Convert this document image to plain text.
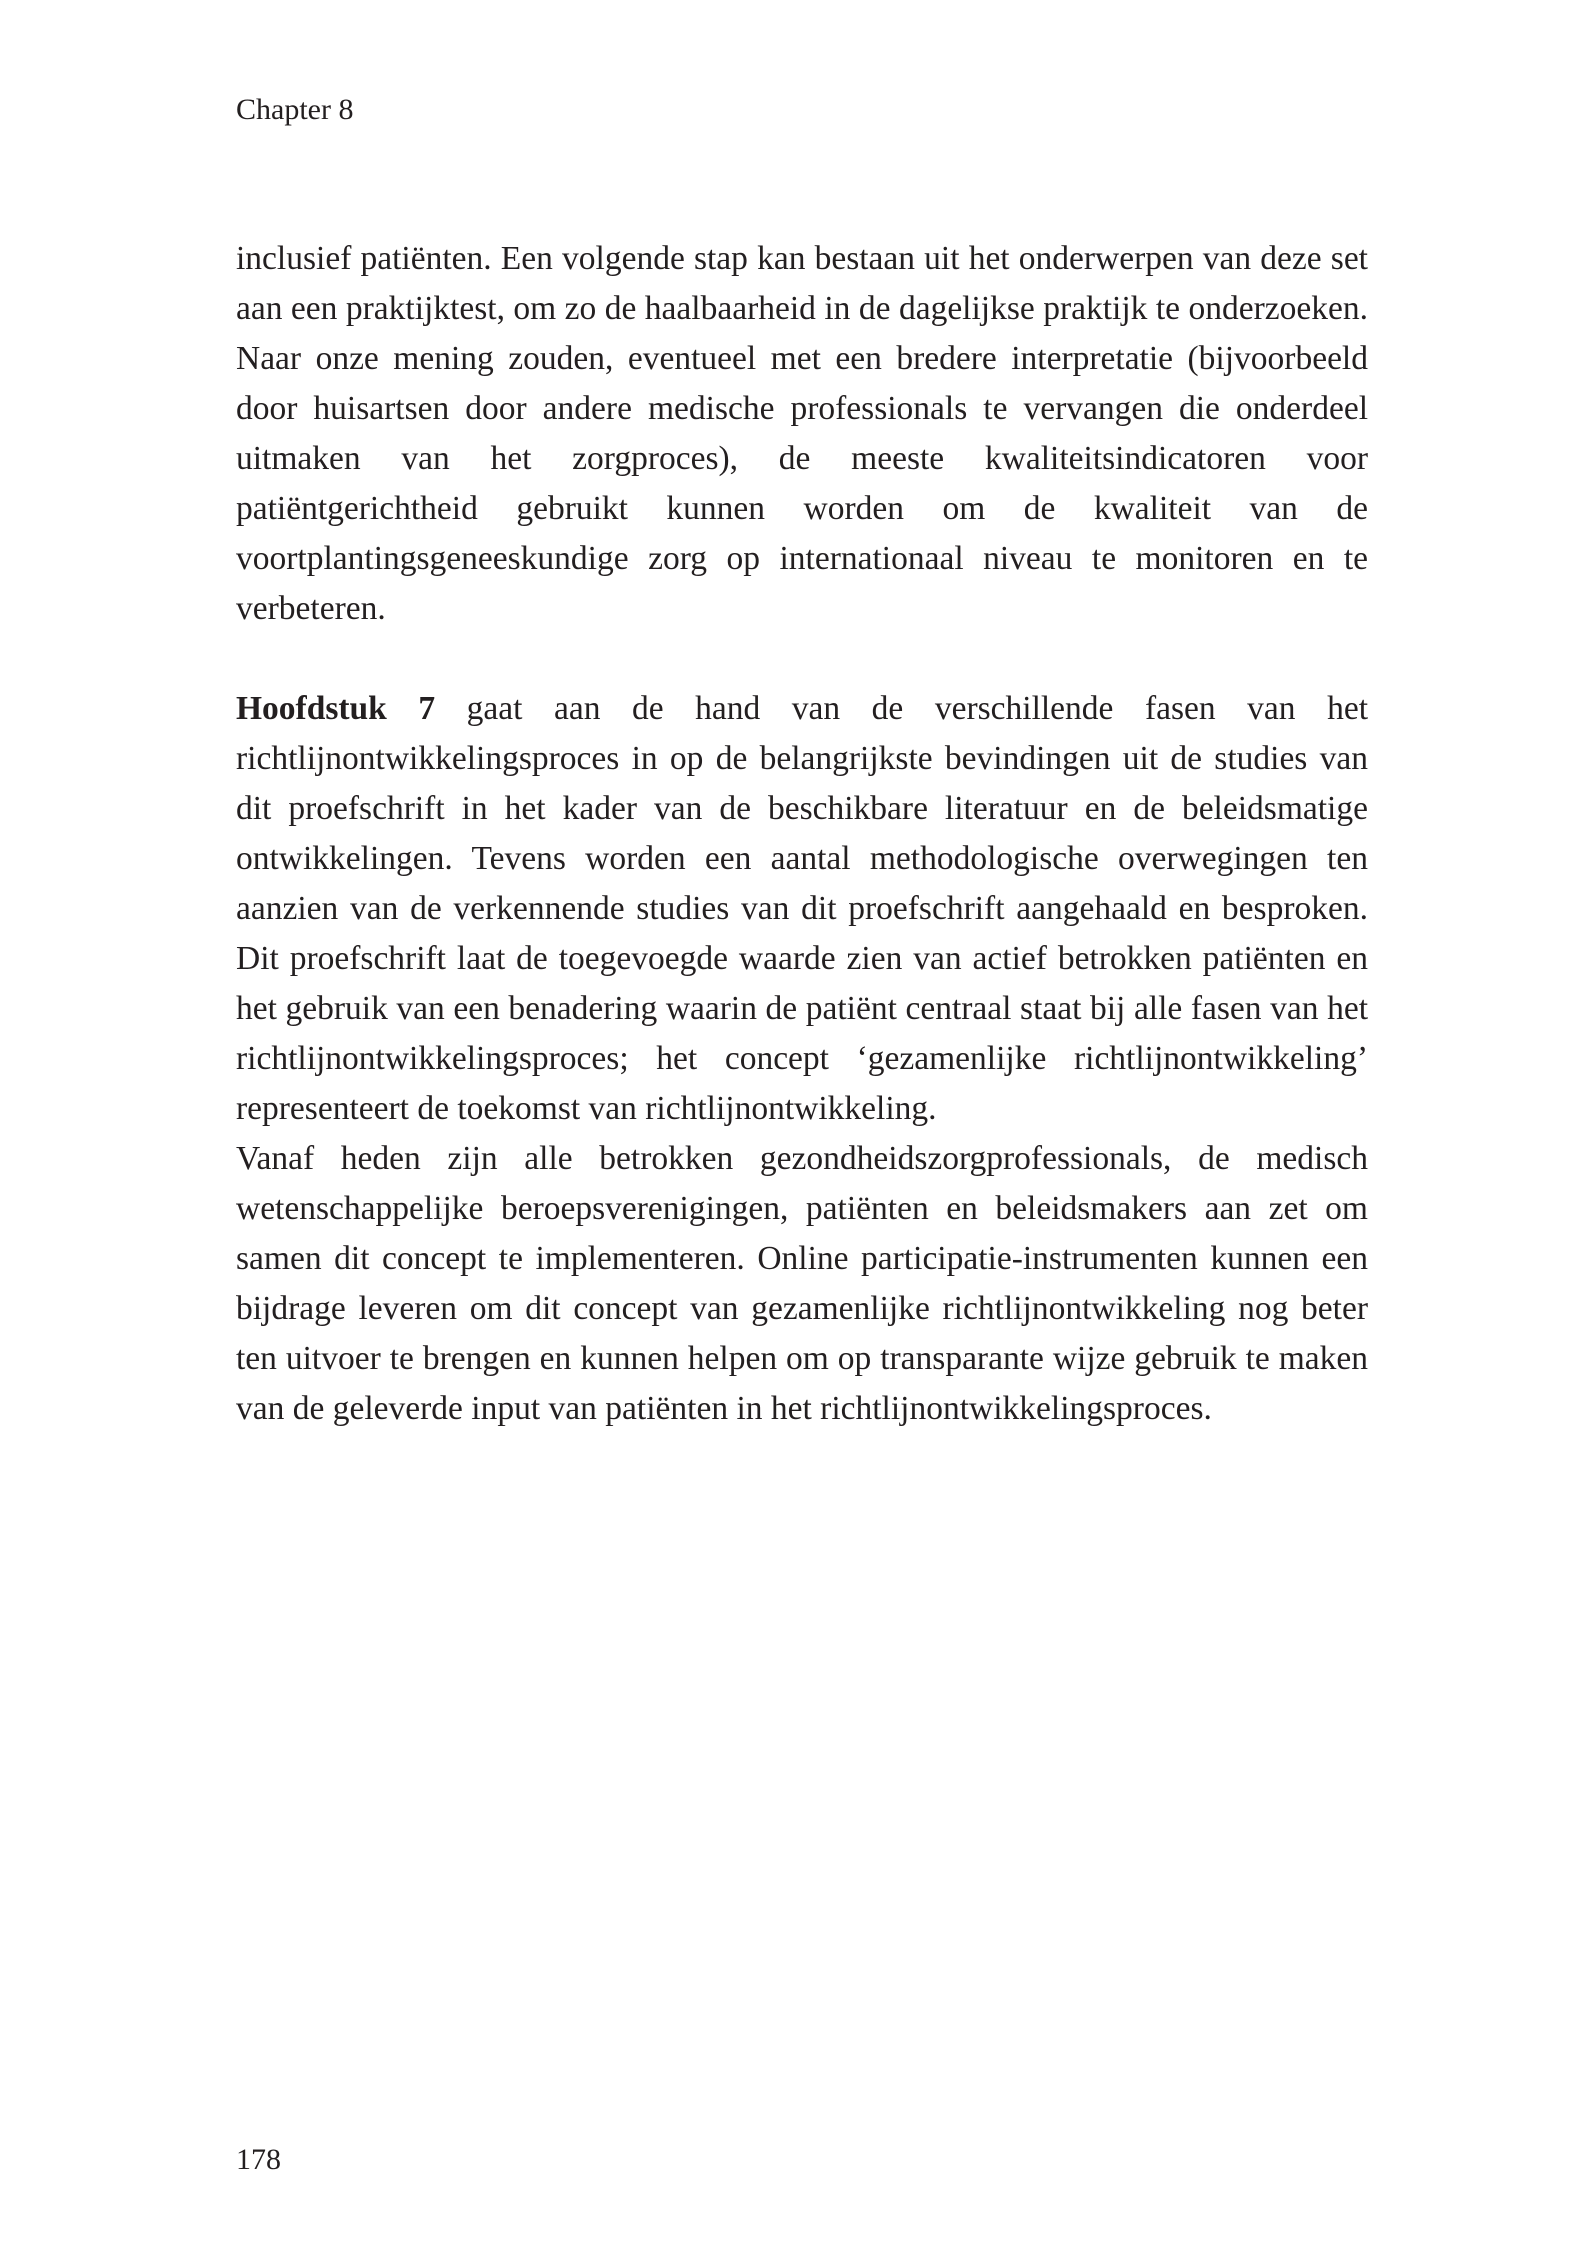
Chapter 8

inclusief patiënten. Een volgende stap kan bestaan uit het onderwerpen van deze set aan een praktijktest, om zo de haalbaarheid in de dagelijkse praktijk te onderzoeken. Naar onze mening zouden, eventueel met een bredere interpretatie (bijvoorbeeld door huisartsen door andere medische professionals te vervangen die onderdeel uitmaken van het zorgproces), de meeste kwaliteitsindicatoren voor patiëntgerichtheid gebruikt kunnen worden om de kwaliteit van de voortplantingsgeneeskundige zorg op internationaal niveau te monitoren en te verbeteren.

Hoofdstuk 7 gaat aan de hand van de verschillende fasen van het richtlijnontwikkelingsproces in op de belangrijkste bevindingen uit de studies van dit proefschrift in het kader van de beschikbare literatuur en de beleidsmatige ontwikkelingen. Tevens worden een aantal methodologische overwegingen ten aanzien van de verkennende studies van dit proefschrift aangehaald en besproken. Dit proefschrift laat de toegevoegde waarde zien van actief betrokken patiënten en het gebruik van een benadering waarin de patiënt centraal staat bij alle fasen van het richtlijnontwikkelingsproces; het concept ‘gezamenlijke richtlijnontwikkeling’ representeert de toekomst van richtlijnontwikkeling.

Vanaf heden zijn alle betrokken gezondheidszorgprofessionals, de medisch wetenschappelijke beroepsverenigingen, patiënten en beleidsmakers aan zet om samen dit concept te implementeren. Online participatie-instrumenten kunnen een bijdrage leveren om dit concept van gezamenlijke richtlijnontwikkeling nog beter ten uitvoer te brengen en kunnen helpen om op transparante wijze gebruik te maken van de geleverde input van patiënten in het richtlijnontwikkelingsproces.

178
